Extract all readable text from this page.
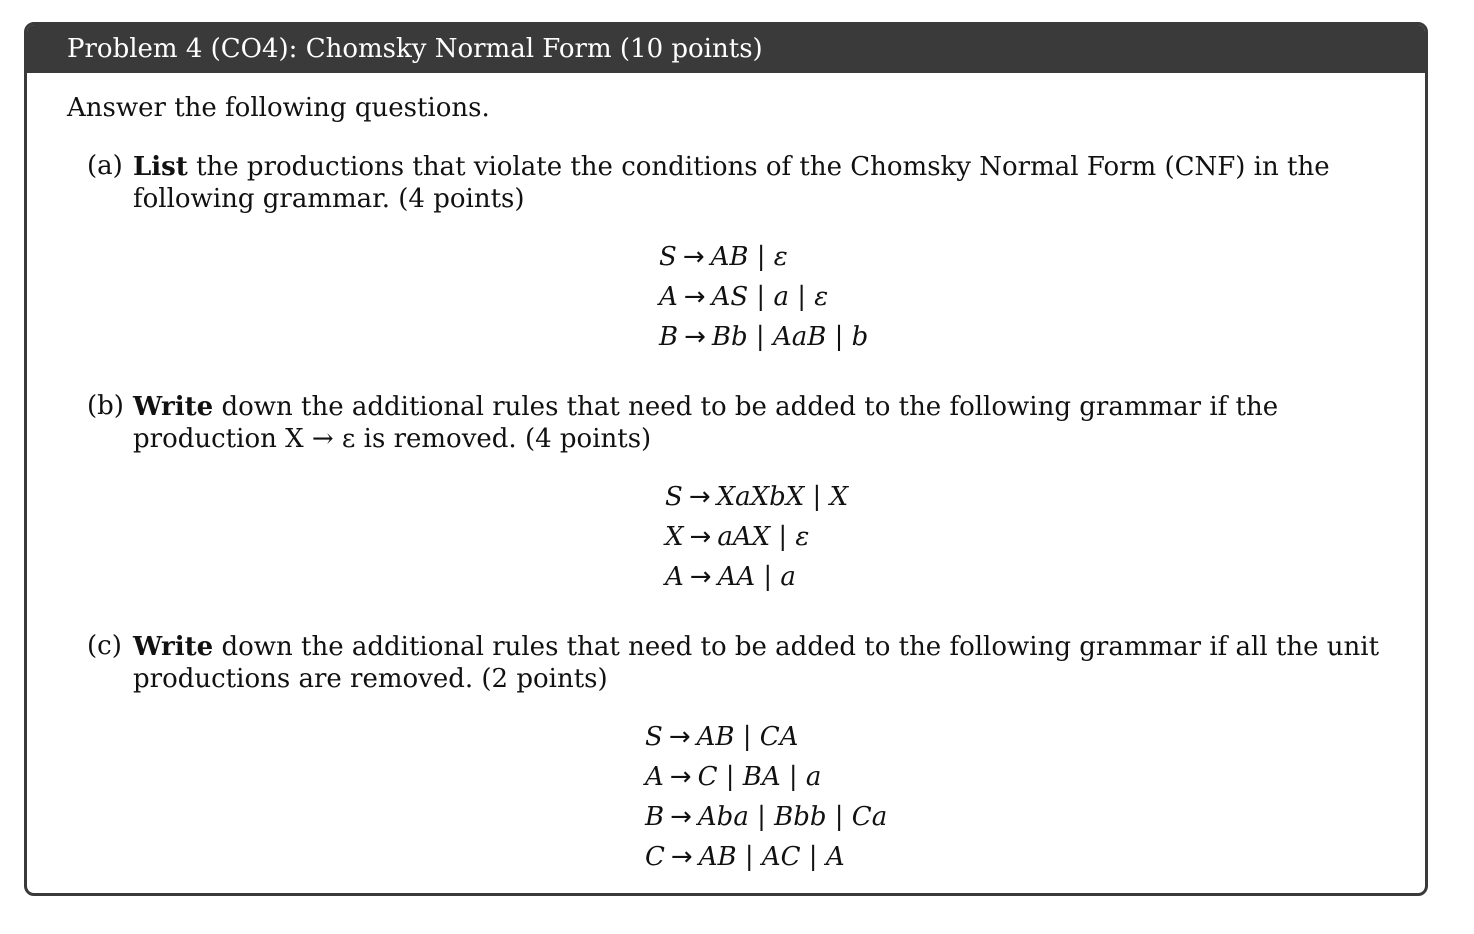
Problem 4 (CO4): Chomsky Normal Form (10 points)
Answer the following questions.
(a) List the productions that violate the conditions of the Chomsky Normal Form (CNF) in the following grammar. (4 points)
S → AB | ε
A → AS | a | ε
B → Bb | AaB | b
(b) Write down the additional rules that need to be added to the following grammar if the production X → ε is removed. (4 points)
S → XaXbX | X
X → aAX | ε
A → AA | a
(c) Write down the additional rules that need to be added to the following grammar if all the unit productions are removed. (2 points)
S → AB | CA
A → C | BA | a
B → Aba | Bbb | Ca
C → AB | AC | A
